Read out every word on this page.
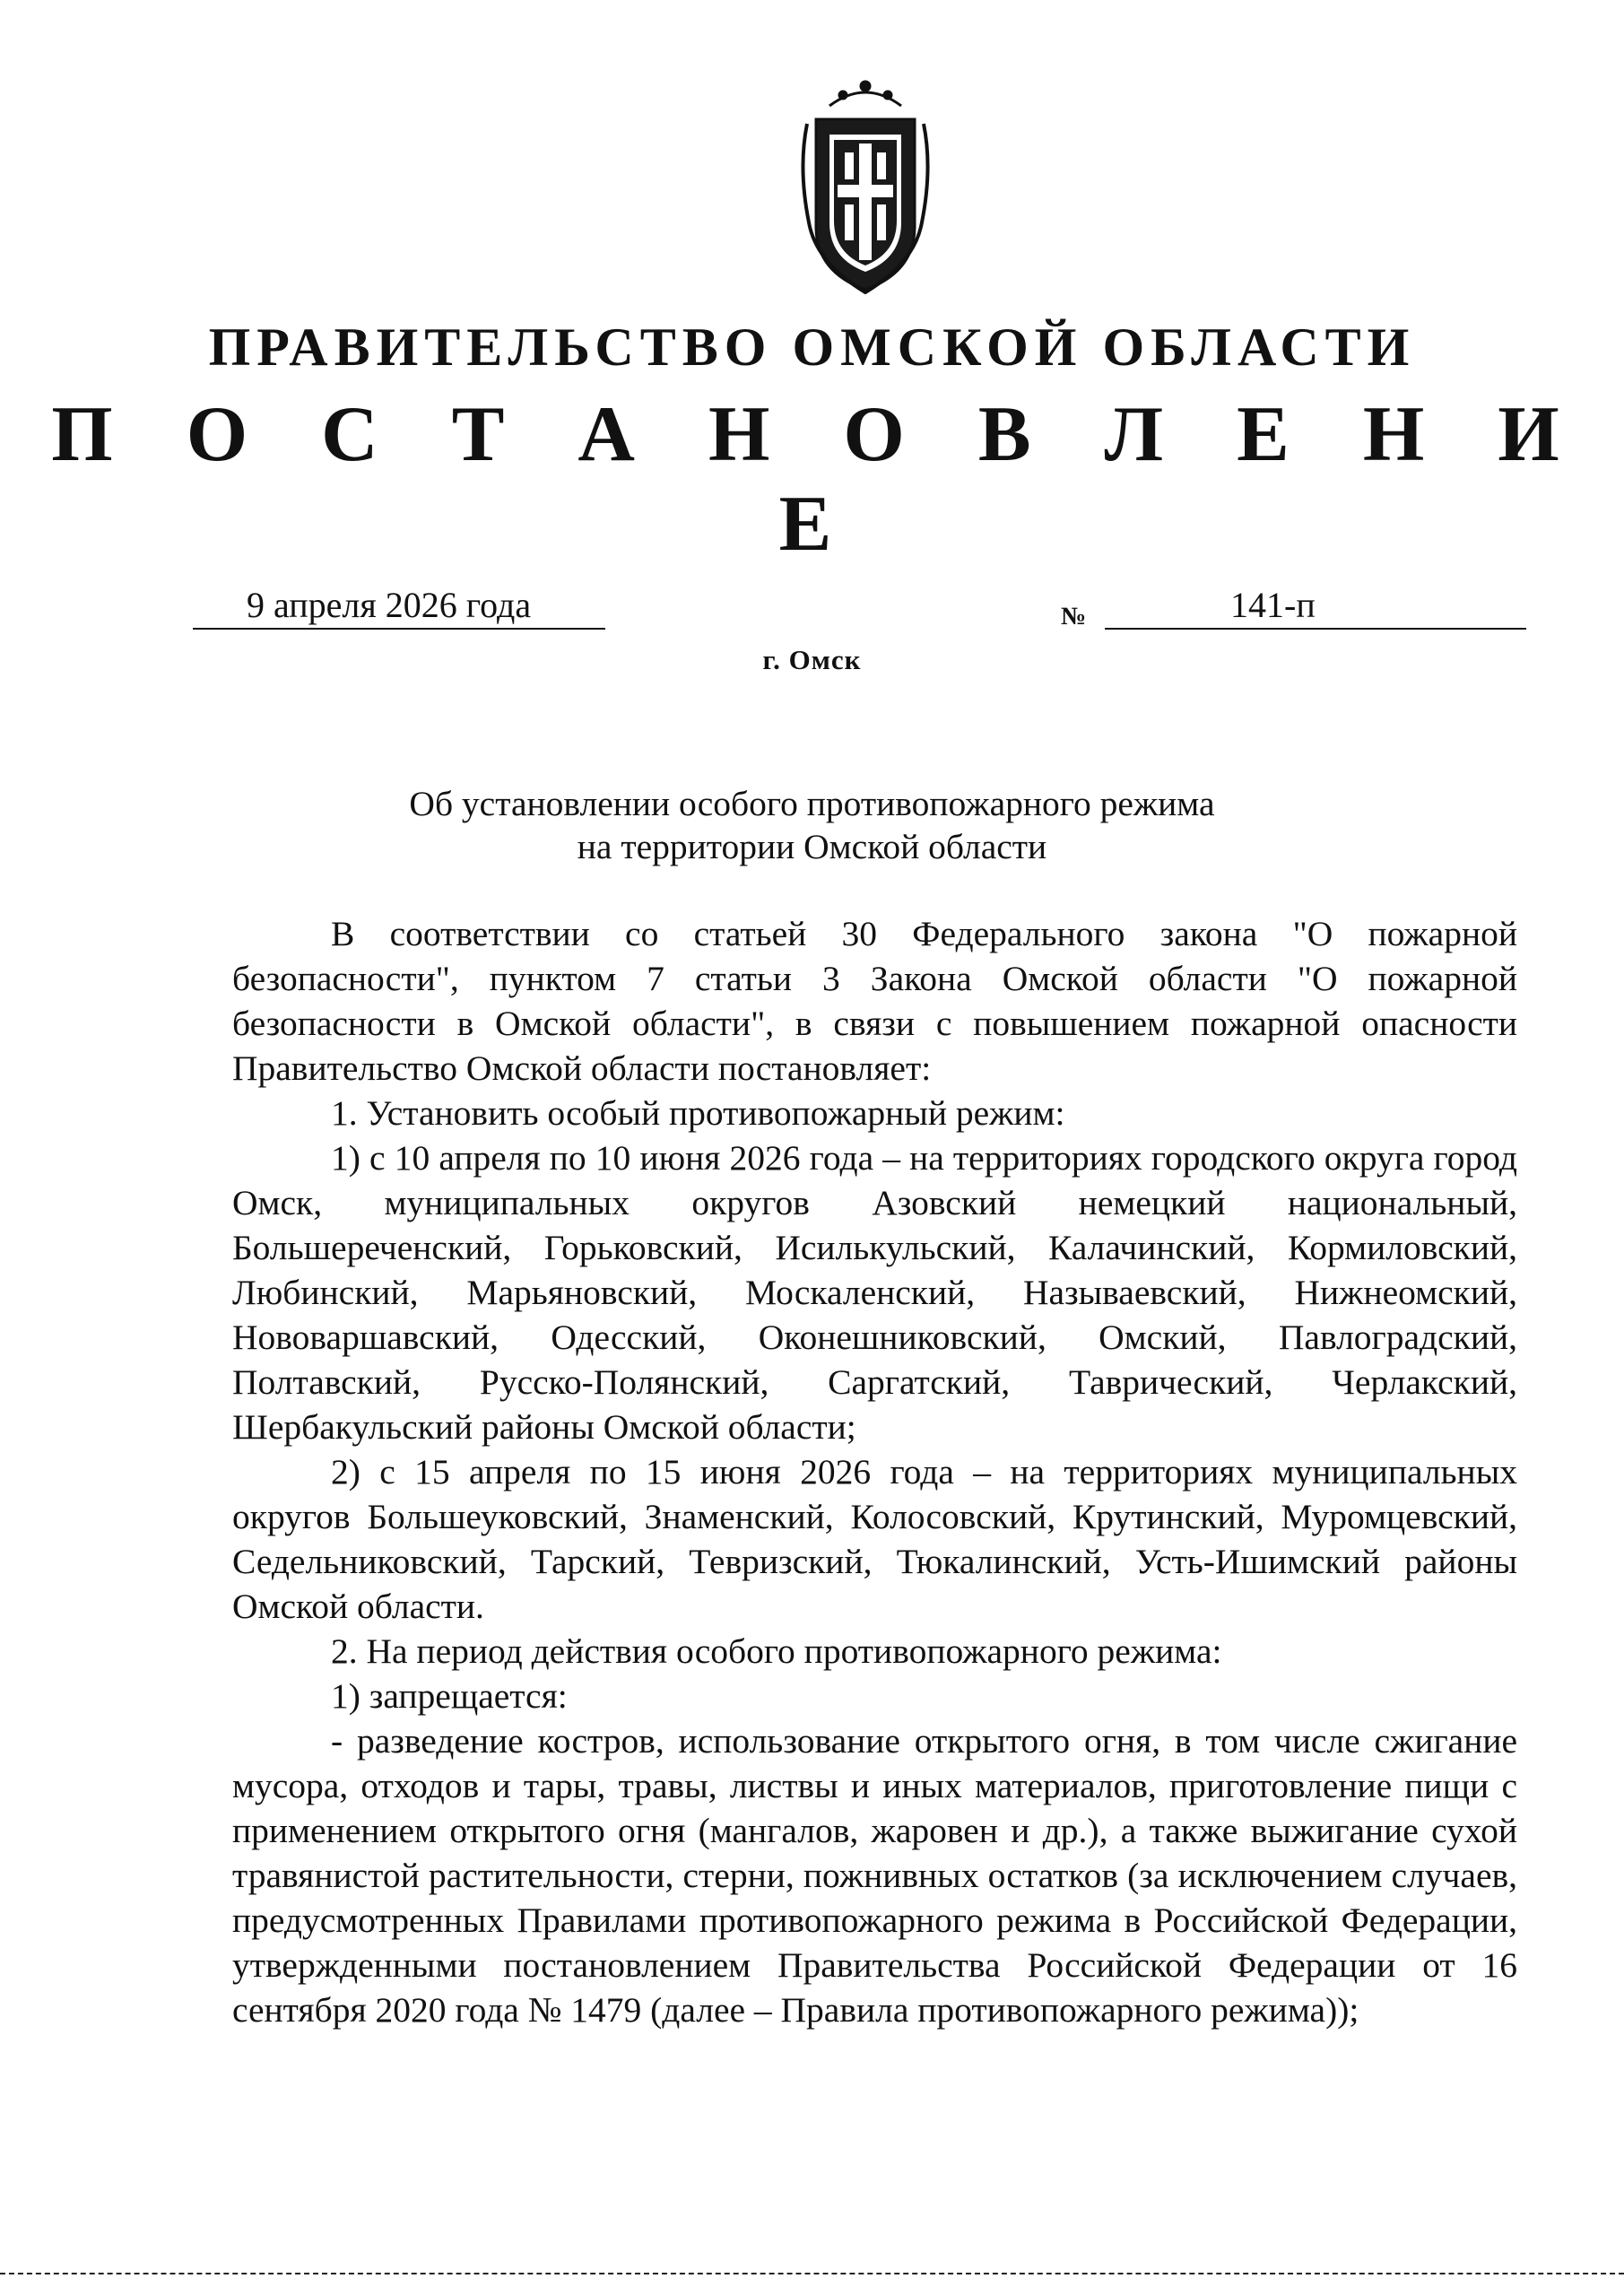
ПРАВИТЕЛЬСТВО ОМСКОЙ ОБЛАСТИ
П О С Т А Н О В Л Е Н И Е
9 апреля 2026 года	№	141-п
г. Омск
Об установлении особого противопожарного режима
на территории Омской области

В соответствии со статьей 30 Федерального закона "О пожарной безопасности", пунктом 7 статьи 3 Закона Омской области "О пожарной безопасности в Омской области", в связи с повышением пожарной опасности Правительство Омской области постановляет:

1. Установить особый противопожарный режим:

1) с 10 апреля по 10 июня 2026 года – на территориях городского округа город Омск, муниципальных округов Азовский немецкий национальный, Большереченский, Горьковский, Исилькульский, Калачинский, Кормиловский, Любинский, Марьяновский, Москаленский, Называевский, Нижнеомский, Нововаршавский, Одесский, Оконешниковский, Омский, Павлоградский, Полтавский, Русско-Полянский, Саргатский, Таврический, Черлакский, Шербакульский районы Омской области;

2) с 15 апреля по 15 июня 2026 года – на территориях муниципальных округов Большеуковский, Знаменский, Колосовский, Крутинский, Муромцевский, Седельниковский, Тарский, Тевризский, Тюкалинский, Усть-Ишимский районы Омской области.

2. На период действия особого противопожарного режима:

1) запрещается:

- разведение костров, использование открытого огня, в том числе сжигание мусора, отходов и тары, травы, листвы и иных материалов, приготовление пищи с применением открытого огня (мангалов, жаровен и др.), а также выжигание сухой травянистой растительности, стерни, пожнивных остатков (за исключением случаев, предусмотренных Правилами противопожарного режима в Российской Федерации, утвержденными постановлением Правительства Российской Федерации от 16 сентября 2020 года № 1479 (далее – Правила противопожарного режима));
